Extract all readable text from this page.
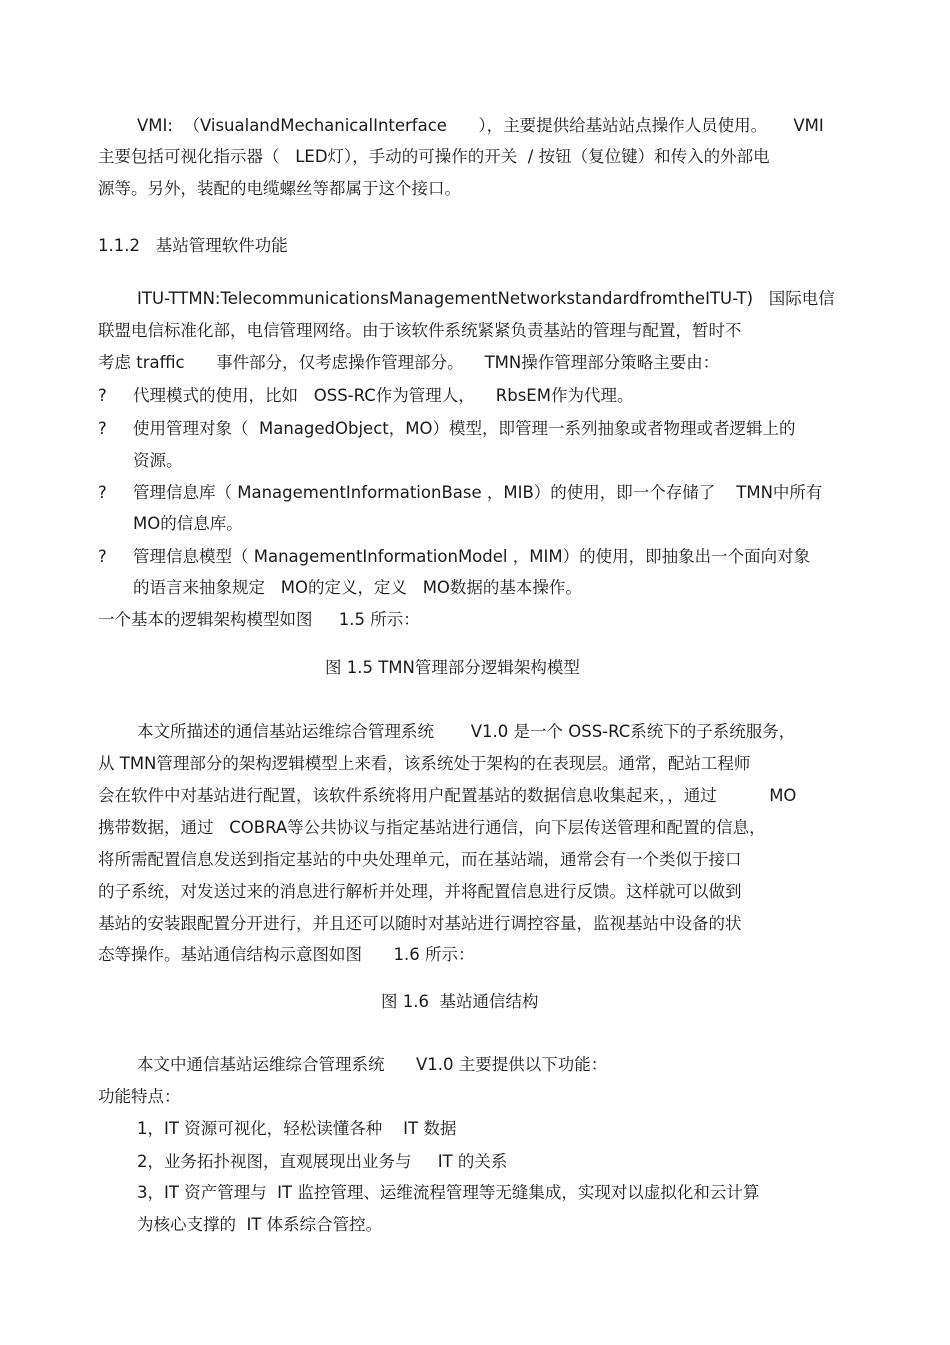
VMI:  （VisualandMechanicalInterface      ），主要提供给基站站点操作人员使用。     VMI

主要包括可视化指示器（   LED灯），手动的可操作的开关  / 按钮（复位键）和传入的外部电

源等。另外，装配的电缆螺丝等都属于这个接口。

1.1.2   基站管理软件功能

ITU-TTMN:TelecommunicationsManagementNetworkstandardfromtheITU-T)   国际电信

联盟电信标准化部，电信管理网络。由于该软件系统紧紧负责基站的管理与配置，暂时不

考虑 traffic      事件部分，仅考虑操作管理部分。    TMN操作管理部分策略主要由：

? 代理模式的使用，比如   OSS-RC作为管理人，    RbsEM作为代理。

? 使用管理对象（  ManagedObject，MO）模型，即管理一系列抽象或者物理或者逻辑上的

资源。

? 管理信息库（ ManagementInformationBase ，MIB）的使用，即一个存储了    TMN中所有

MO的信息库。

? 管理信息模型（ ManagementInformationModel ，MIM）的使用，即抽象出一个面向对象

的语言来抽象规定   MO的定义，定义   MO数据的基本操作。

一个基本的逻辑架构模型如图     1.5 所示：

图 1.5 TMN管理部分逻辑架构模型

本文所描述的通信基站运维综合管理系统       V1.0 是一个 OSS-RC系统下的子系统服务，

从 TMN管理部分的架构逻辑模型上来看，该系统处于架构的在表现层。通常，配站工程师

会在软件中对基站进行配置，该软件系统将用户配置基站的数据信息收集起来，，通过          MO

携带数据，通过   COBRA等公共协议与指定基站进行通信，向下层传送管理和配置的信息，

将所需配置信息发送到指定基站的中央处理单元，而在基站端，通常会有一个类似于接口

的子系统，对发送过来的消息进行解析并处理，并将配置信息进行反馈。这样就可以做到

基站的安装跟配置分开进行，并且还可以随时对基站进行调控容量，监视基站中设备的状

态等操作。基站通信结构示意图如图      1.6 所示：

图 1.6  基站通信结构

本文中通信基站运维综合管理系统      V1.0 主要提供以下功能：

功能特点：

1，IT 资源可视化，轻松读懂各种    IT 数据

2，业务拓扑视图，直观展现出业务与     IT 的关系

3，IT 资产管理与  IT 监控管理、运维流程管理等无缝集成，实现对以虚拟化和云计算

为核心支撑的  IT 体系综合管控。
